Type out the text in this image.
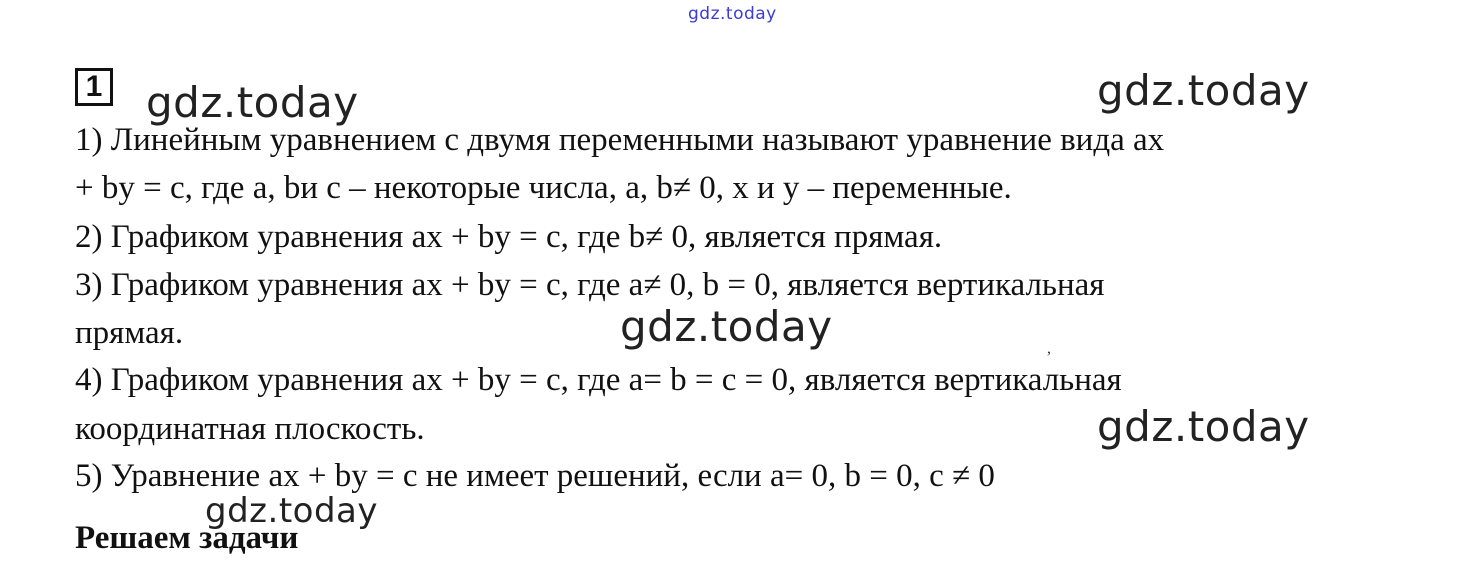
gdz.today
gdz.today	gdz.today
gdz.today
gdz.today
gdz.today
1
1) Линейным уравнением с двумя переменными называют уравнение вида ax
+ by = c, где a, bи c – некоторые числа, a, b≠ 0, x и y – переменные.
2) Графиком уравнения ax + by = c, где b≠ 0, является прямая.
3) Графиком уравнения ax + by = c, где a≠ 0, b = 0, является вертикальная
прямая.
4) Графиком уравнения ax + by = c, где a= b = c = 0, является вертикальная
координатная плоскость.
5) Уравнение ax + by = c не имеет решений, если a= 0, b = 0, c ≠ 0
,
Решаем задачи
